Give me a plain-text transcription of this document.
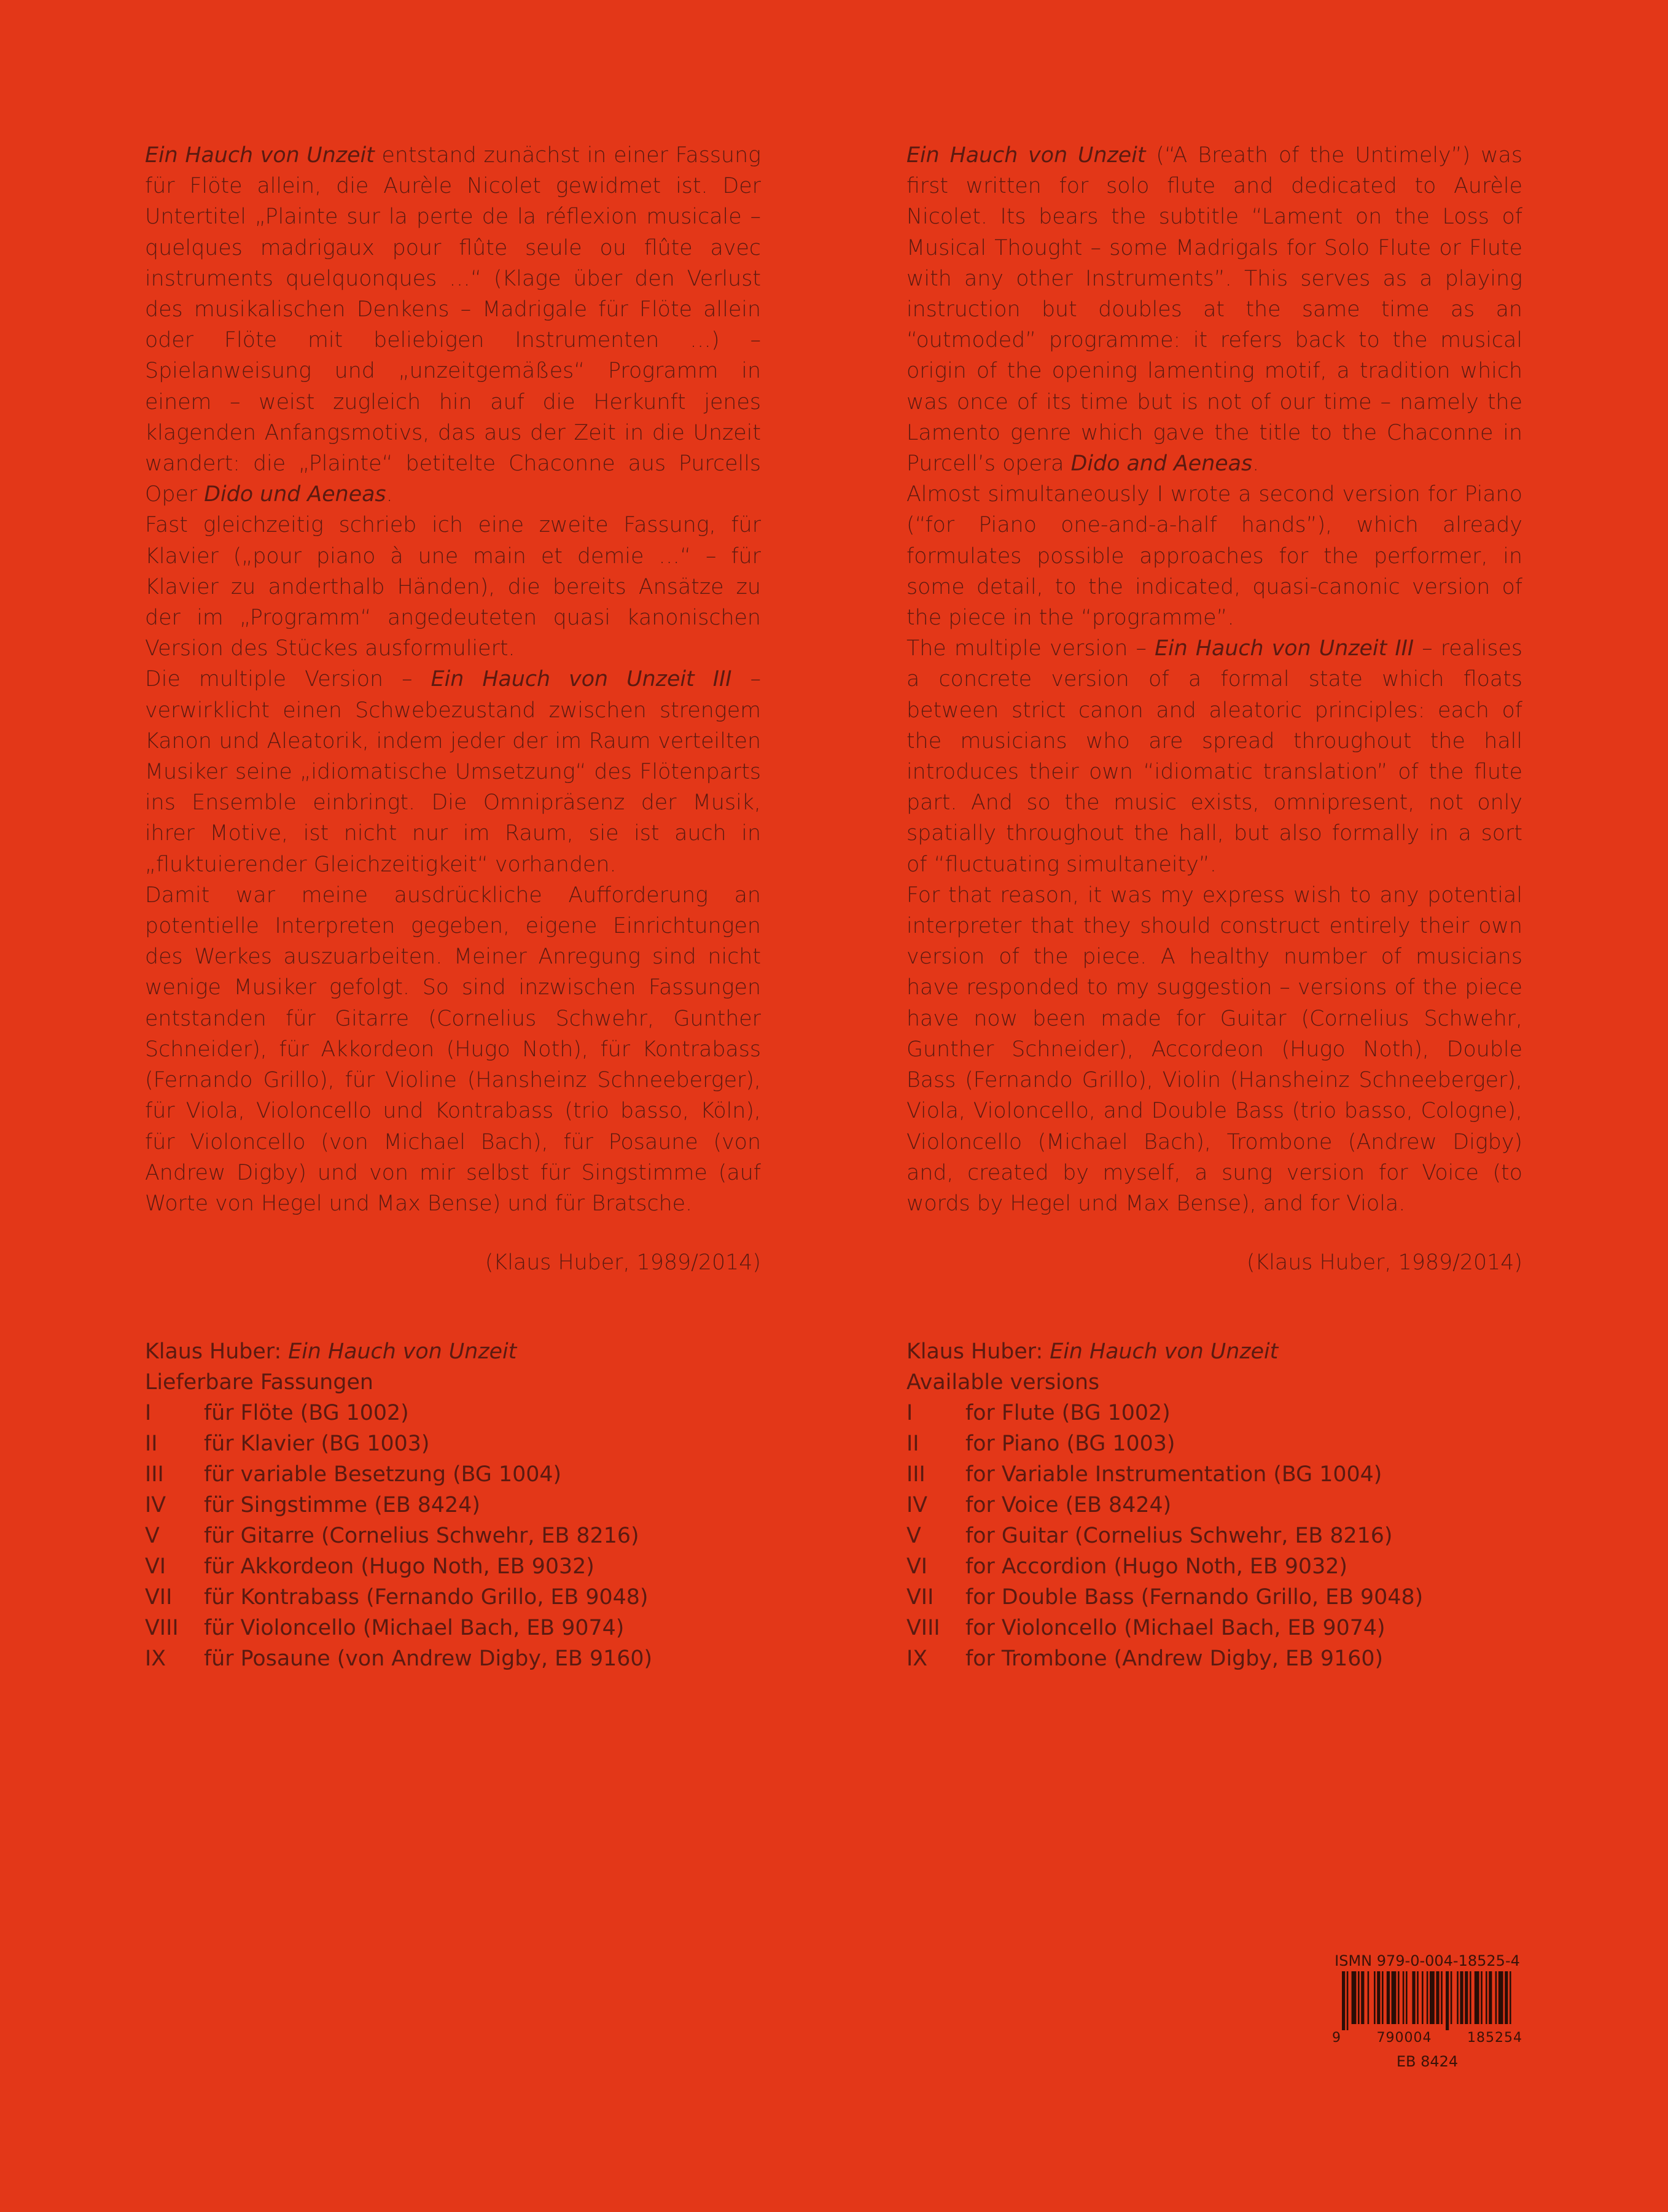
Ein Hauch von Unzeit entstand zunächst in einer Fassung für Flöte allein, die Aurèle Nicolet gewidmet ist. Der Untertitel „Plainte sur la perte de la réflexion musicale – quelques madrigaux pour flûte seule ou flûte avec instruments quelquonques …“ (Klage über den Verlust des musikalischen Denkens – Madrigale für Flöte allein oder Flöte mit beliebigen Instrumenten …) – Spielanweisung und „unzeitgemäßes“ Programm in einem – weist zugleich hin auf die Herkunft jenes klagenden Anfangsmotivs, das aus der Zeit in die Unzeit wandert: die „Plainte“ betitelte Chaconne aus Purcells Oper Dido und Aeneas.

Fast gleichzeitig schrieb ich eine zweite Fassung, für Klavier („pour piano à une main et demie …“ – für Klavier zu anderthalb Händen), die bereits Ansätze zu der im „Programm“ angedeuteten quasi kanonischen Version des Stückes ausformuliert.

Die multiple Version – Ein Hauch von Unzeit III – verwirklicht einen Schwebezustand zwischen strengem Kanon und Aleatorik, indem jeder der im Raum verteilten Musiker seine „idiomatische Umsetzung“ des Flötenparts ins Ensemble einbringt. Die Omnipräsenz der Musik, ihrer Motive, ist nicht nur im Raum, sie ist auch in „fluktuierender Gleichzeitigkeit“ vorhanden.

Damit war meine ausdrückliche Aufforderung an potentielle Interpreten gegeben, eigene Einrichtungen des Werkes auszuarbeiten. Meiner Anregung sind nicht wenige Musiker gefolgt. So sind inzwischen Fassungen entstanden für Gitarre (Cornelius Schwehr, Gunther Schneider), für Akkordeon (Hugo Noth), für Kontrabass (Fernando Grillo), für Violine (Hansheinz Schneeberger), für Viola, Violoncello und Kontrabass (trio basso, Köln), für Violoncello (von Michael Bach), für Posaune (von Andrew Digby) und von mir selbst für Singstimme (auf Worte von Hegel und Max Bense) und für Bratsche.

(Klaus Huber, 1989/2014)

Ein Hauch von Unzeit (“A Breath of the Untimely”) was first written for solo flute and dedicated to Aurèle Nicolet. Its bears the subtitle “Lament on the Loss of Musical Thought – some Madrigals for Solo Flute or Flute with any other Instruments”. This serves as a playing instruction but doubles at the same time as an “outmoded” programme: it refers back to the musical origin of the opening lamenting motif, a tradition which was once of its time but is not of our time – namely the Lamento genre which gave the title to the Chaconne in Purcell’s opera Dido and Aeneas.

Almost simultaneously I wrote a second version for Piano (“for Piano one-and-a-half hands”), which already formulates possible approaches for the performer, in some detail, to the indicated, quasi-canonic version of the piece in the “programme”.

The multiple version – Ein Hauch von Unzeit III – realises a concrete version of a formal state which floats between strict canon and aleatoric principles: each of the musicians who are spread throughout the hall introduces their own “idiomatic translation” of the flute part. And so the music exists, omnipresent, not only spatially throughout the hall, but also formally in a sort of “fluctuating simultaneity”.

For that reason, it was my express wish to any potential interpreter that they should construct entirely their own version of the piece. A healthy number of musicians have responded to my suggestion – versions of the piece have now been made for Guitar (Cornelius Schwehr, Gunther Schneider), Accordeon (Hugo Noth), Double Bass (Fernando Grillo), Violin (Hansheinz Schneeberger), Viola, Violoncello, and Double Bass (trio basso, Cologne), Violoncello (Michael Bach), Trombone (Andrew Digby) and, created by myself, a sung version for Voice (to words by Hegel und Max Bense), and for Viola.

(Klaus Huber, 1989/2014)

Klaus Huber: Ein Hauch von Unzeit
Lieferbare Fassungen
I	für Flöte (BG 1002)
II	für Klavier (BG 1003)
III	für variable Besetzung (BG 1004)
IV	für Singstimme (EB 8424)
V	für Gitarre (Cornelius Schwehr, EB 8216)
VI	für Akkordeon (Hugo Noth, EB 9032)
VII	für Kontrabass (Fernando Grillo, EB 9048)
VIII	für Violoncello (Michael Bach, EB 9074)
IX	für Posaune (von Andrew Digby, EB 9160)
Klaus Huber: Ein Hauch von Unzeit
Available versions
I	for Flute (BG 1002)
II	for Piano (BG 1003)
III	for Variable Instrumentation (BG 1004)
IV	for Voice (EB 8424)
V	for Guitar (Cornelius Schwehr, EB 8216)
VI	for Accordion (Hugo Noth, EB 9032)
VII	for Double Bass (Fernando Grillo, EB 9048)
VIII	for Violoncello (Michael Bach, EB 9074)
IX	for Trombone (Andrew Digby, EB 9160)
ISMN 979-0-004-18525-4
9	790004	185254
EB 8424
